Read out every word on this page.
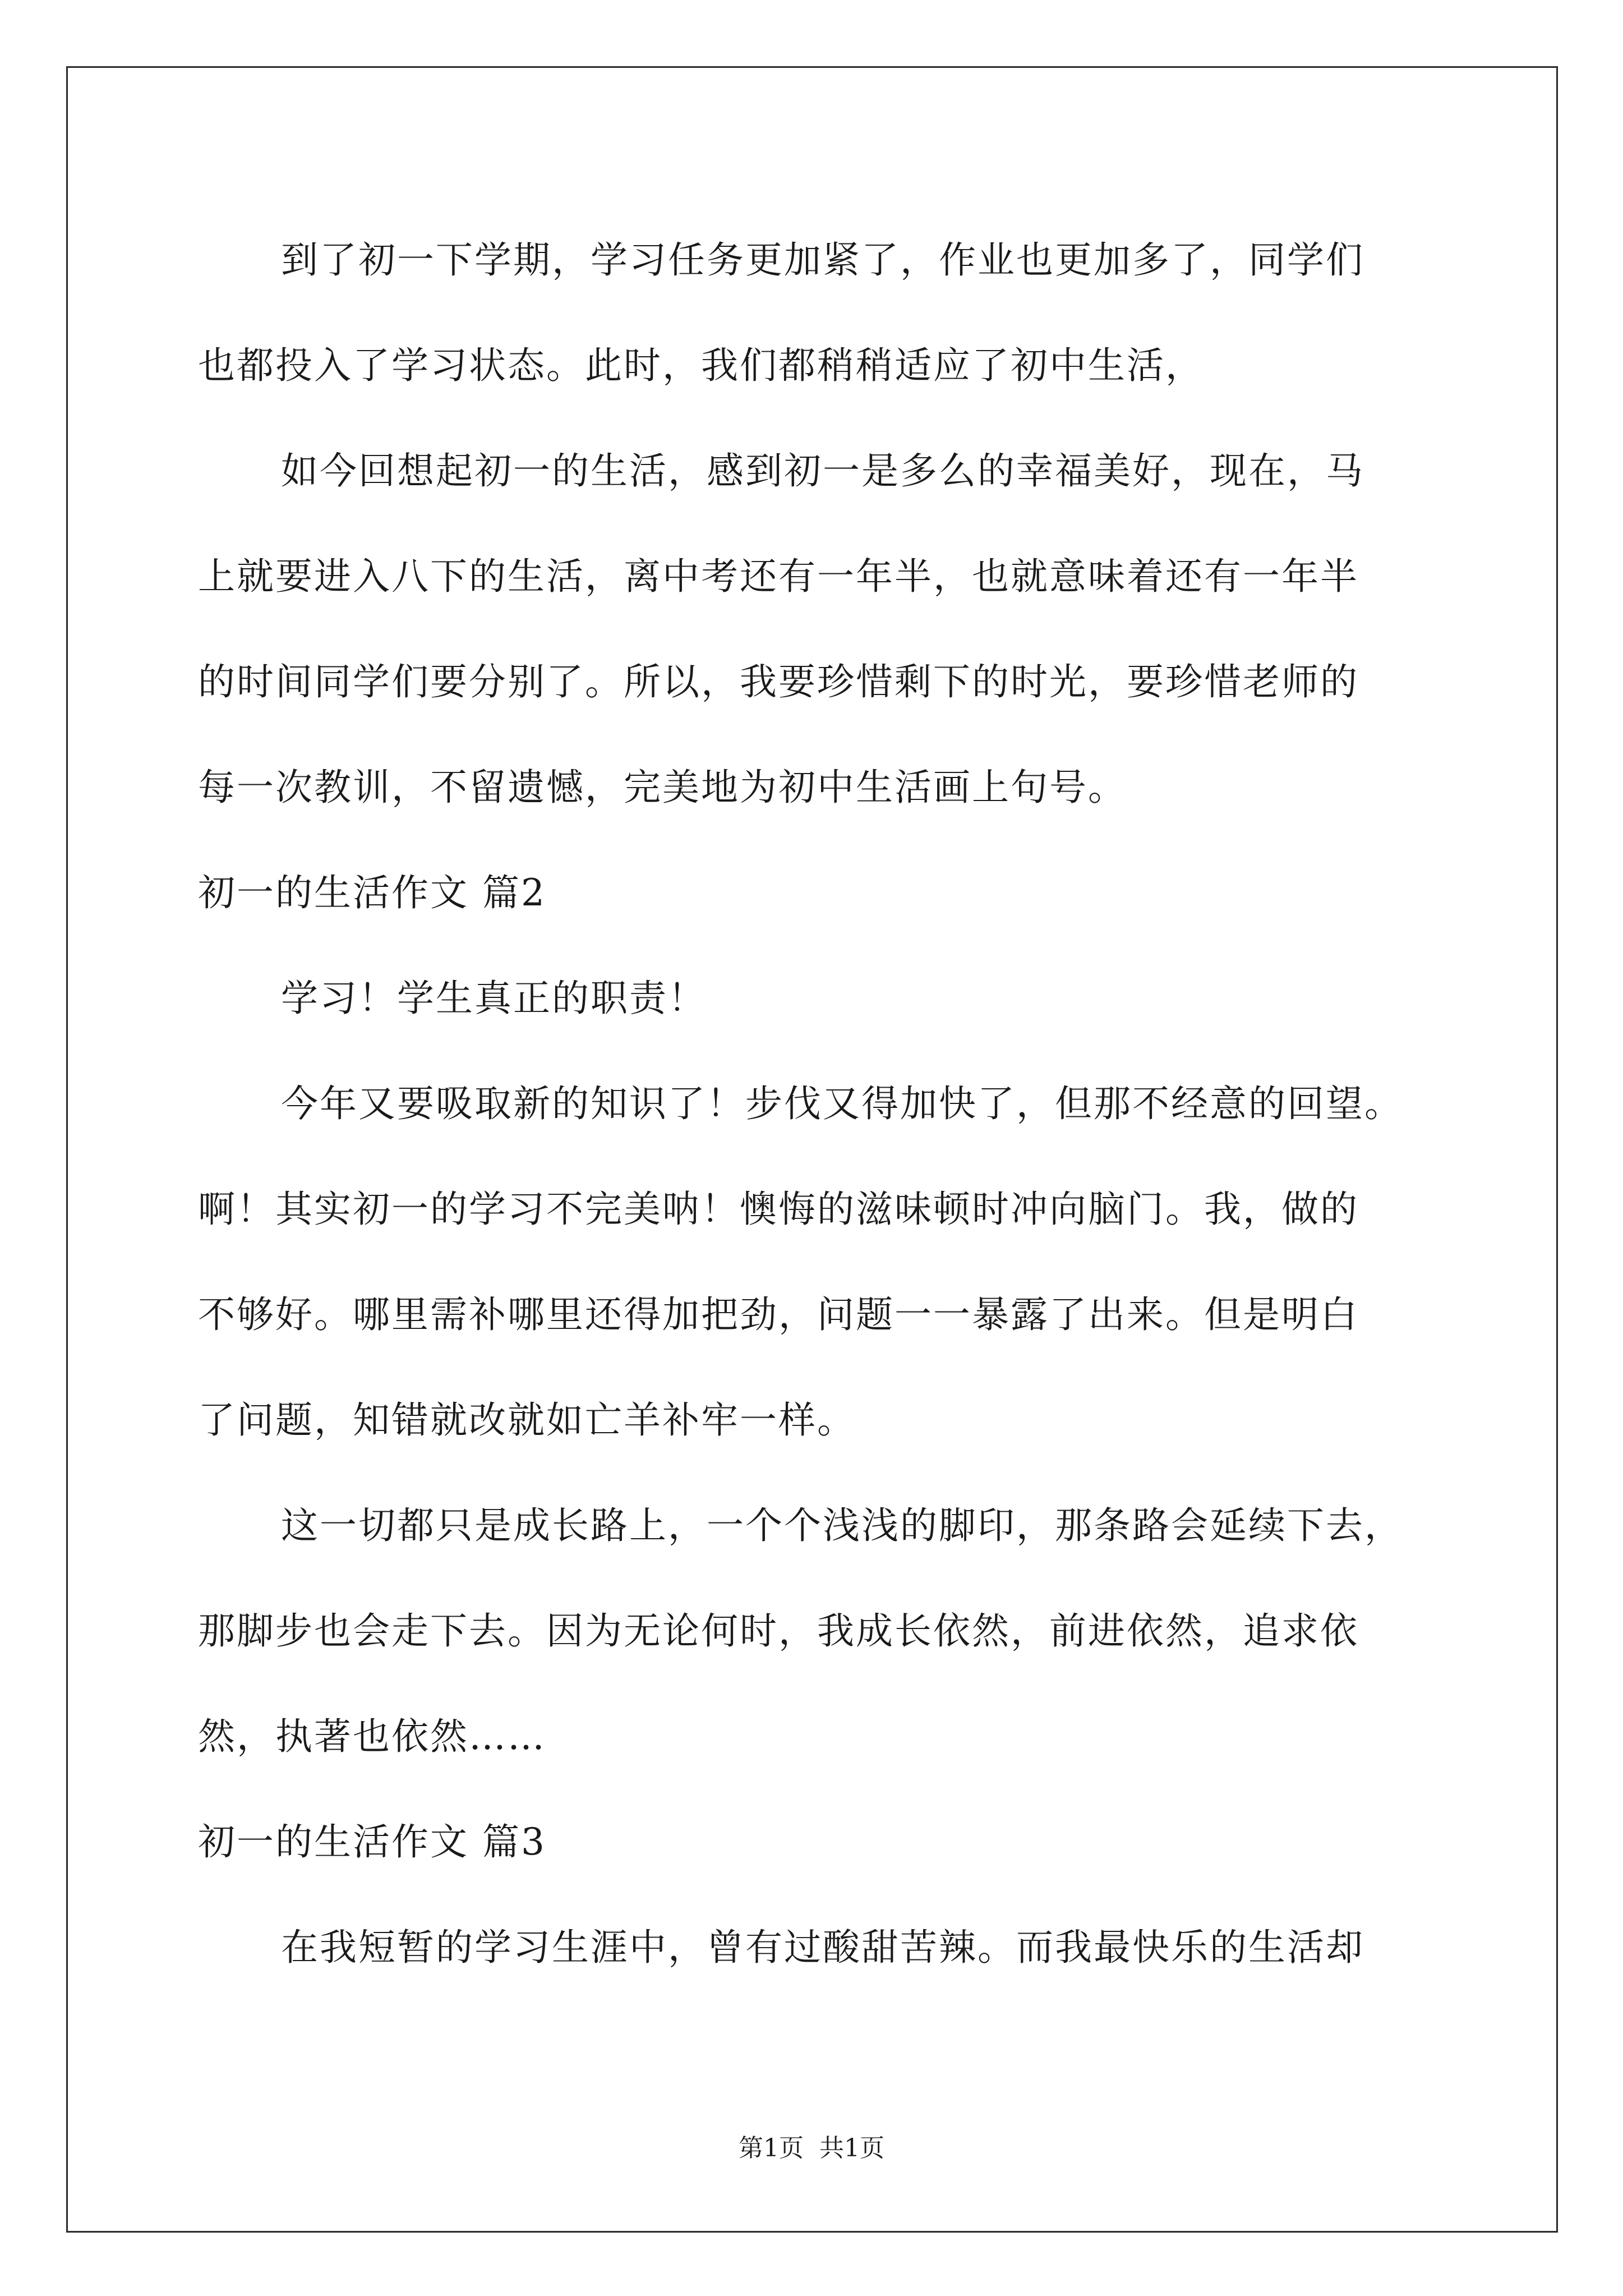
到了初一下学期，学习任务更加紧了，作业也更加多了，同学们
也都投入了学习状态。此时，我们都稍稍适应了初中生活，
如今回想起初一的生活，感到初一是多么的幸福美好，现在，马
上就要进入八下的生活，离中考还有一年半，也就意味着还有一年半
的时间同学们要分别了。所以，我要珍惜剩下的时光，要珍惜老师的
每一次教训，不留遗憾，完美地为初中生活画上句号。
初一的生活作文 篇2
学习！学生真正的职责！
今年又要吸取新的知识了！步伐又得加快了，但那不经意的回望。
啊！其实初一的学习不完美呐！懊悔的滋味顿时冲向脑门。我，做的
不够好。哪里需补哪里还得加把劲，问题一一暴露了出来。但是明白
了问题，知错就改就如亡羊补牢一样。
这一切都只是成长路上，一个个浅浅的脚印，那条路会延续下去，
那脚步也会走下去。因为无论何时，我成长依然，前进依然，追求依
然，执著也依然……
初一的生活作文 篇3
在我短暂的学习生涯中，曾有过酸甜苦辣。而我最快乐的生活却
第1页  共1页
